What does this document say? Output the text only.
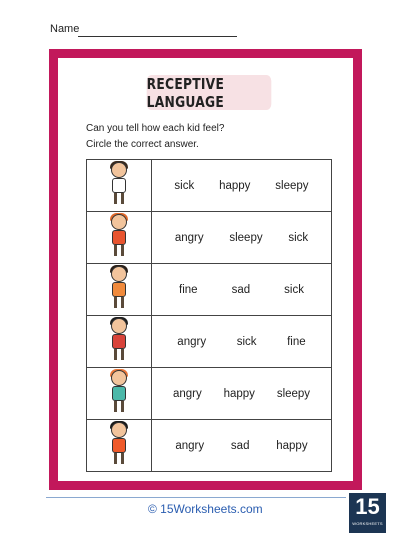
Name
RECEPTIVE LANGUAGE
Can you tell how each kid feel?
Circle the correct answer.

	sick happy sleepy

	angry sleepy sick

	fine sad sick

	angry sick fine

	angry happy sleepy

	angry sad happy
© 15Worksheets.com	15
WORKSHEETS
